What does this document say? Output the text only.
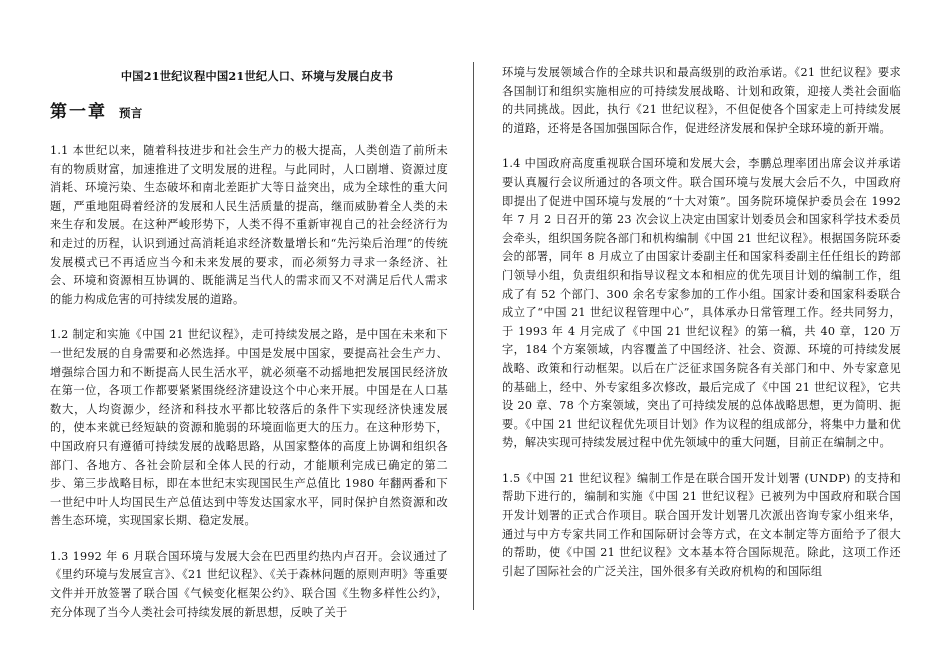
中国21世纪议程中国21世纪人口、环境与发展白皮书

第一章 预言

1.1 本世纪以来，随着科技进步和社会生产力的极大提高，人类创造了前所未有的物质财富，加速推进了文明发展的进程。与此同时，人口剧增、资源过度消耗、环境污染、生态破坏和南北差距扩大等日益突出，成为全球性的重大问题，严重地阻碍着经济的发展和人民生活质量的提高，继而威胁着全人类的未来生存和发展。在这种严峻形势下，人类不得不重新审视自己的社会经济行为和走过的历程，认识到通过高消耗追求经济数量增长和“先污染后治理”的传统发展模式已不再适应当今和未来发展的要求，而必须努力寻求一条经济、社会、环境和资源相互协调的、既能满足当代人的需求而又不对满足后代人需求的能力构成危害的可持续发展的道路。

1.2 制定和实施《中国 21 世纪议程》，走可持续发展之路，是中国在未来和下一世纪发展的自身需要和必然选择。中国是发展中国家，要提高社会生产力、增强综合国力和不断提高人民生活水平，就必须毫不动摇地把发展国民经济放在第一位，各项工作都要紧紧围绕经济建设这个中心来开展。中国是在人口基数大，人均资源少，经济和科技水平都比较落后的条件下实现经济快速发展的，使本来就已经短缺的资源和脆弱的环境面临更大的压力。在这种形势下，中国政府只有遵循可持续发展的战略思路，从国家整体的高度上协调和组织各部门、各地方、各社会阶层和全体人民的行动，才能顺利完成已确定的第二步、第三步战略目标，即在本世纪末实现国民生产总值比 1980 年翻两番和下一世纪中叶人均国民生产总值达到中等发达国家水平，同时保护自然资源和改善生态环境，实现国家长期、稳定发展。

1.3 1992 年 6 月联合国环境与发展大会在巴西里约热内卢召开。会议通过了《里约环境与发展宣言》、《21 世纪议程》、《关于森林问题的原则声明》等重要文件并开放签署了联合国《气候变化框架公约》、联合国《生物多样性公约》，充分体现了当今人类社会可持续发展的新思想，反映了关于

环境与发展领域合作的全球共识和最高级别的政治承诺。《21 世纪议程》要求各国制订和组织实施相应的可持续发展战略、计划和政策，迎接人类社会面临的共同挑战。因此，执行《21 世纪议程》，不但促使各个国家走上可持续发展的道路，还将是各国加强国际合作，促进经济发展和保护全球环境的新开端。

1.4 中国政府高度重视联合国环境和发展大会，李鹏总理率团出席会议并承诺要认真履行会议所通过的各项文件。联合国环境与发展大会后不久，中国政府即提出了促进中国环境与发展的“十大对策”。国务院环境保护委员会在 1992 年 7 月 2 日召开的第 23 次会议上决定由国家计划委员会和国家科学技术委员会牵头，组织国务院各部门和机构编制《中国 21 世纪议程》。根据国务院环委会的部署，同年 8 月成立了由国家计委副主任和国家科委副主任任组长的跨部门领导小组，负责组织和指导议程文本和相应的优先项目计划的编制工作，组成了有 52 个部门、300 余名专家参加的工作小组。国家计委和国家科委联合成立了“中国 21 世纪议程管理中心”，具体承办日常管理工作。经共同努力，于 1993 年 4 月完成了《中国 21 世纪议程》的第一稿，共 40 章，120 万字，184 个方案领域，内容覆盖了中国经济、社会、资源、环境的可持续发展战略、政策和行动框架。以后在广泛征求国务院各有关部门和中、外专家意见的基础上，经中、外专家组多次修改，最后完成了《中国 21 世纪议程》，它共设 20 章、78 个方案领域，突出了可持续发展的总体战略思想，更为简明、扼要。《中国 21 世纪议程优先项目计划》作为议程的组成部分，将集中力量和优势，解决实现可持续发展过程中优先领域中的重大问题，目前正在编制之中。

1.5《中国 21 世纪议程》编制工作是在联合国开发计划署 (UNDP) 的支持和帮助下进行的，编制和实施《中国 21 世纪议程》已被列为中国政府和联合国开发计划署的正式合作项目。联合国开发计划署几次派出咨询专家小组来华，通过与中方专家共同工作和国际研讨会等方式，在文本制定等方面给予了很大的帮助，使《中国 21 世纪议程》文本基本符合国际规范。除此，这项工作还引起了国际社会的广泛关注，国外很多有关政府机构的和国际组
